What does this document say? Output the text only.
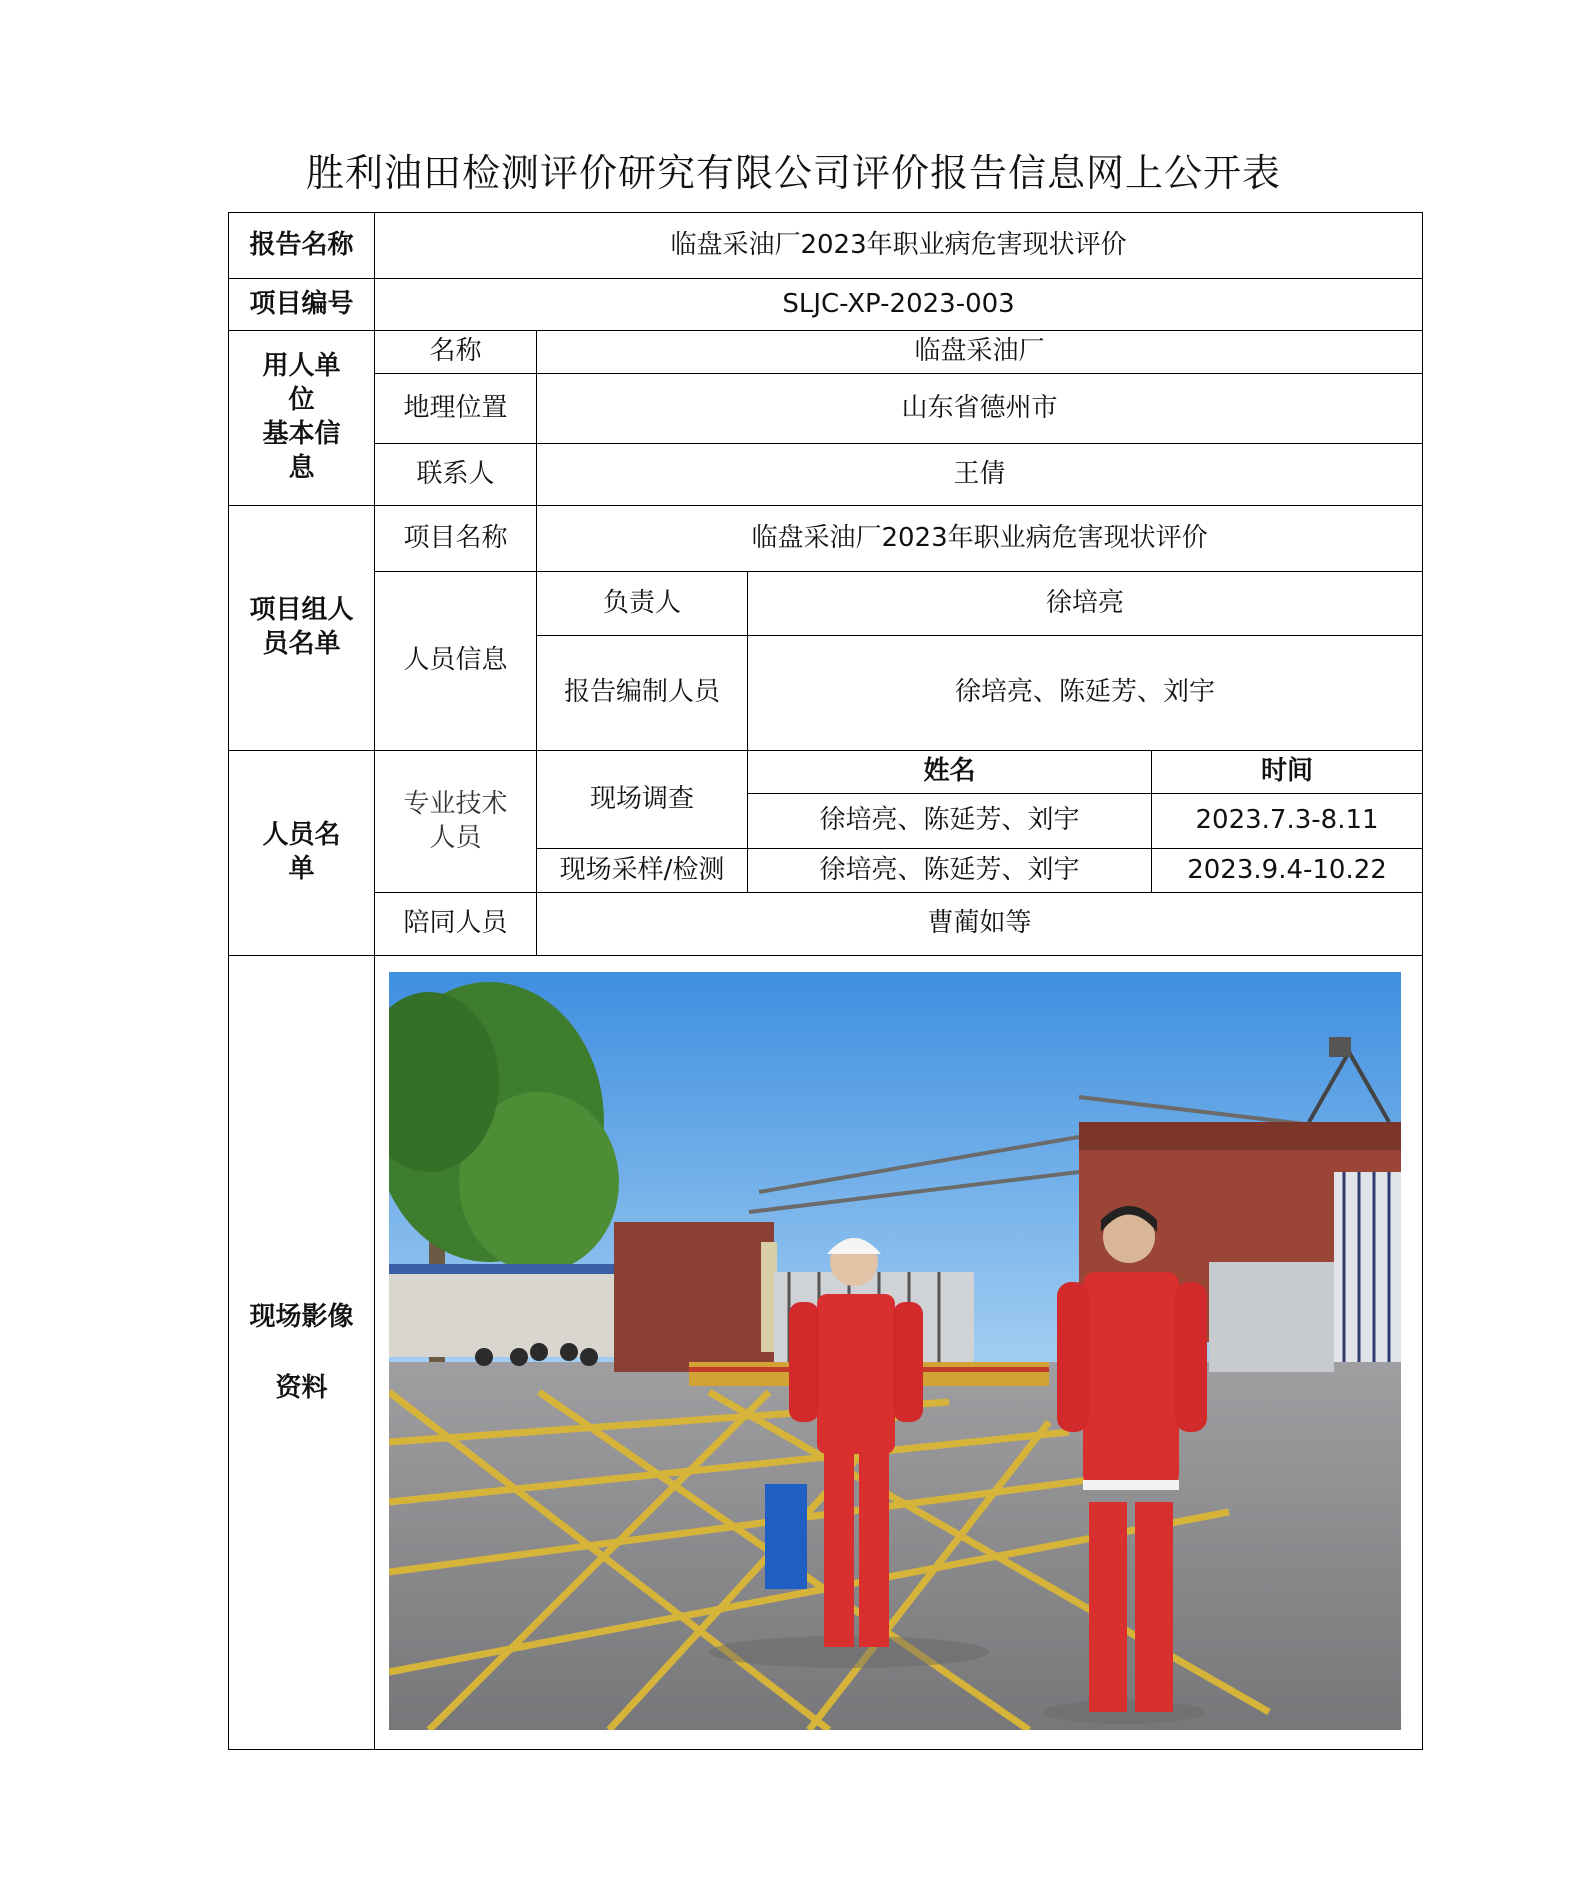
胜利油田检测评价研究有限公司评价报告信息网上公开表
报告名称	临盘采油厂2023年职业病危害现状评价			
项目编号	SLJC-XP-2023-003			
用人单
位
基本信
息	名称	临盘采油厂		
	地理位置	山东省德州市		
	联系人	王倩		
项目组人
员名单	项目名称	临盘采油厂2023年职业病危害现状评价		
	人员信息	负责人	徐培亮	
		报告编制人员	徐培亮、陈延芳、刘宇	
人员名
单	专业技术
人员	现场调查	姓名	时间
			徐培亮、陈延芳、刘宇	2023.7.3-8.11
		现场采样/检测	徐培亮、陈延芳、刘宇	2023.9.4-10.22
	陪同人员	曹蔺如等		
现场影像
资料	
